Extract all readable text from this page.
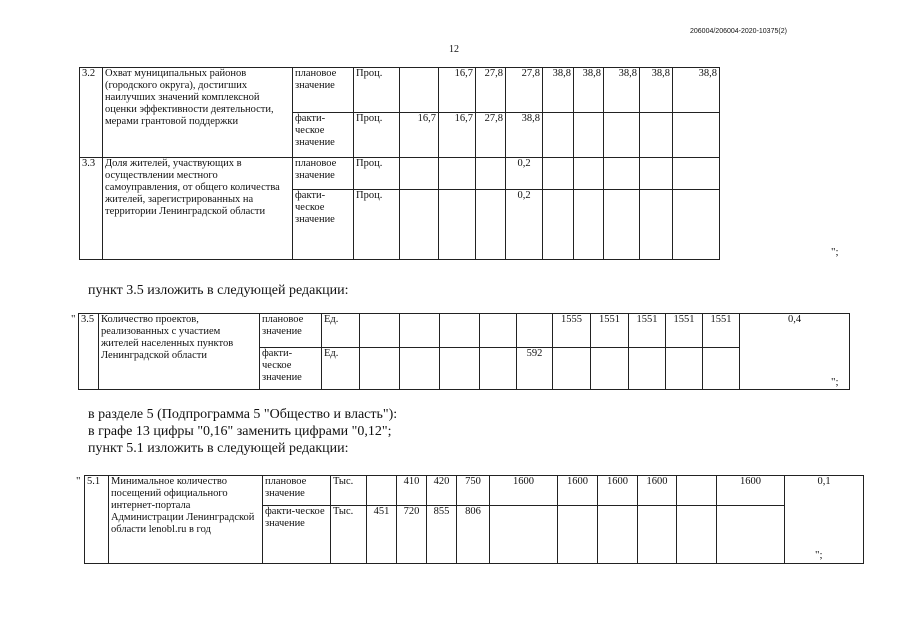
206004/206004-2020-10375(2)
12
3.2	Охват муниципальных районов (городского округа), достигших наилучших значений комплексной оценки эффективности деятельности, мерами грантовой поддержки	плановое значение	Проц.		16,7	27,8	27,8	38,8	38,8	38,8	38,8	38,8	
		факти-ческое значение	Проц.	16,7	16,7	27,8	38,8						
3.3	Доля жителей, участвующих в осуществлении местного самоуправления, от общего количества жителей, зарегистрированных на территории Ленинградской области	плановое значение	Проц.				0,2						

		факти-ческое значение	Проц.				0,2						
";
пункт 3.5 изложить в следующей редакции:
" 3.5	Количество проектов, реализованных с участием жителей населенных пунктов Ленинградской области	плановое значение	Ед.						1555	1551	1551	1551	1551	0,4
		факти-ческое значение	Ед.					592						
";
в разделе 5 (Подпрограмма 5 "Общество и власть"):
в графе 13 цифры "0,16" заменить цифрами "0,12";
пункт 5.1 изложить в следующей редакции:
" 5.1	Минимальное количество посещений официального интернет-портала Администрации Ленинградской области lenobl.ru в год	плановое значение	Тыс.		410	420	750	1600	1600	1600	1600		1600	0,1
		факти-ческое значение	Тыс.	451	720	855	806							
";
